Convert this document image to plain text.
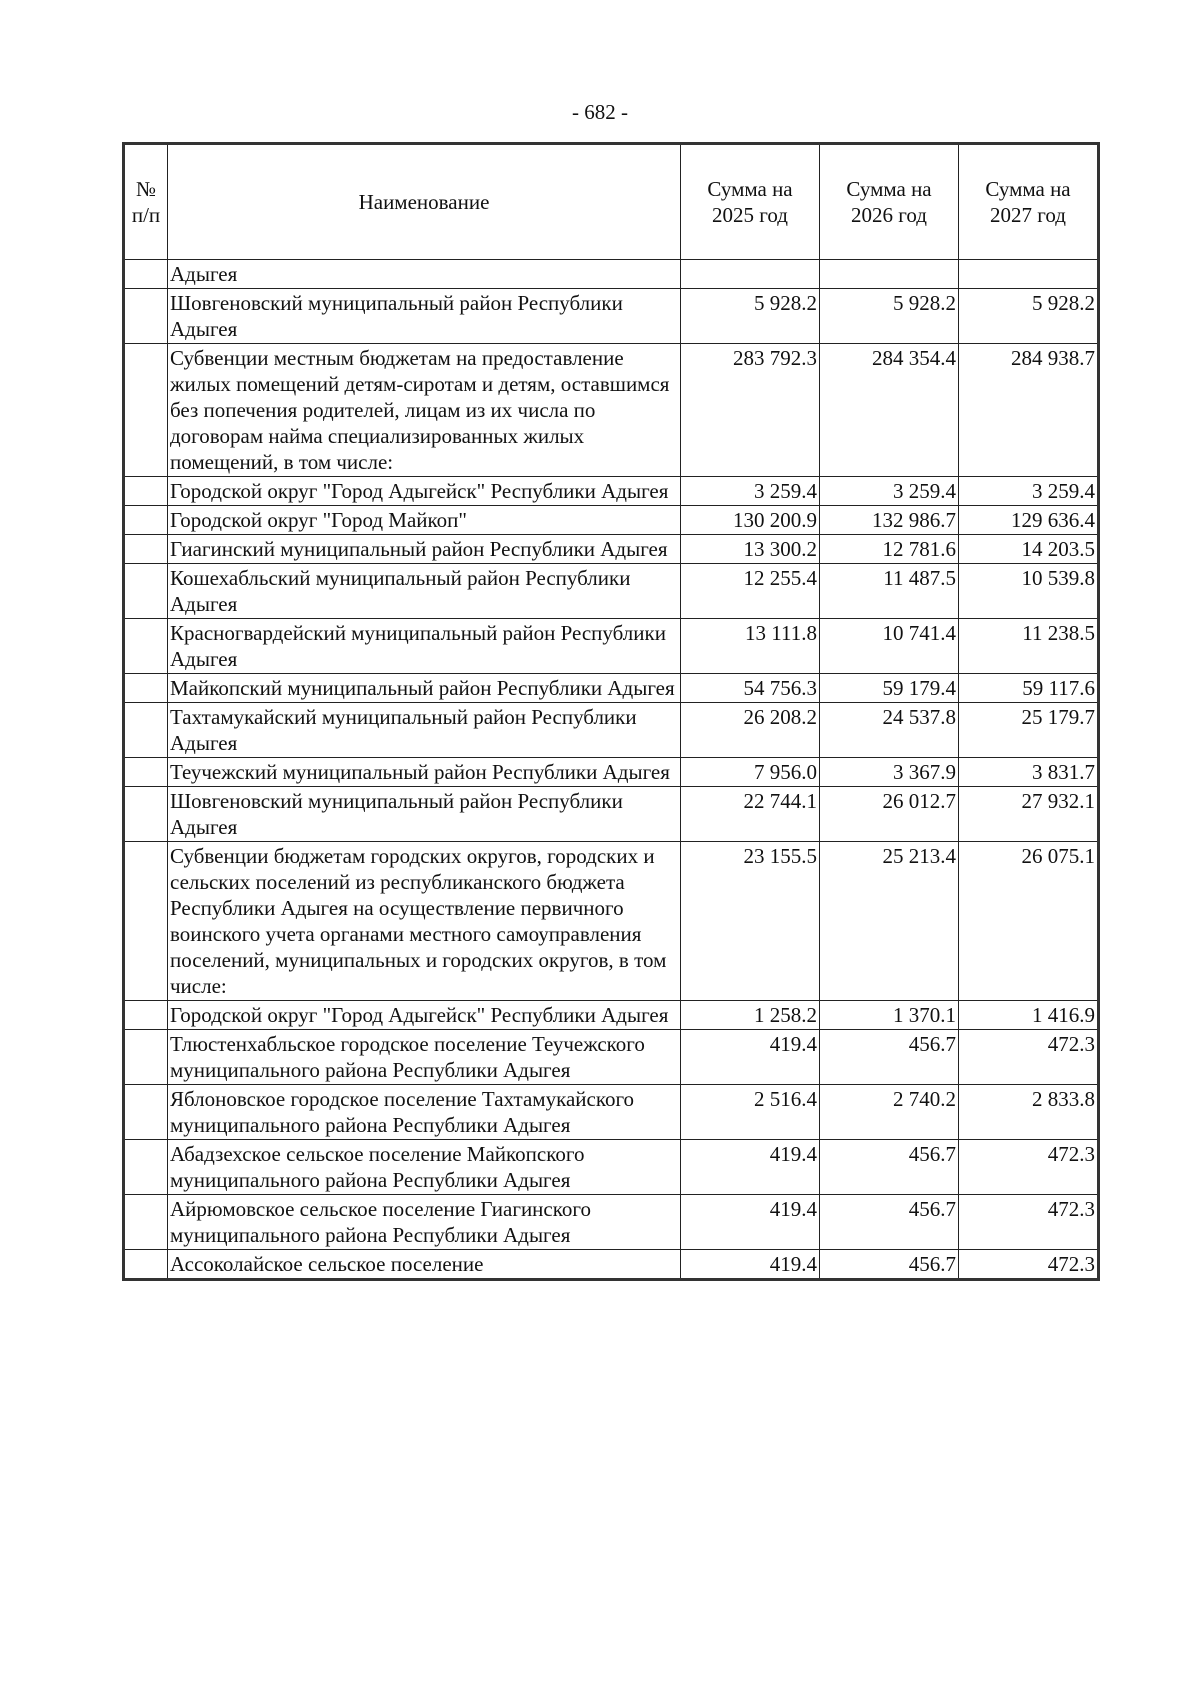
- 682 -
№ п/п	Наименование	Сумма на 2025 год	Сумма на 2026 год	Сумма на 2027 год
	Адыгея			
	Шовгеновский муниципальный район Республики Адыгея	5 928.2	5 928.2	5 928.2
	Субвенции местным бюджетам на предоставление жилых помещений детям-сиротам и детям, оставшимся без попечения родителей, лицам из их числа по договорам найма специализированных жилых помещений, в том числе:	283 792.3	284 354.4	284 938.7
	Городской округ "Город Адыгейск" Республики Адыгея	3 259.4	3 259.4	3 259.4
	Городской округ "Город Майкоп"	130 200.9	132 986.7	129 636.4
	Гиагинский муниципальный район Республики Адыгея	13 300.2	12 781.6	14 203.5
	Кошехабльский муниципальный район Республики Адыгея	12 255.4	11 487.5	10 539.8
	Красногвардейский муниципальный район Республики Адыгея	13 111.8	10 741.4	11 238.5
	Майкопский муниципальный район Республики Адыгея	54 756.3	59 179.4	59 117.6
	Тахтамукайский муниципальный район Республики Адыгея	26 208.2	24 537.8	25 179.7
	Теучежский муниципальный район Республики Адыгея	7 956.0	3 367.9	3 831.7
	Шовгеновский муниципальный район Республики Адыгея	22 744.1	26 012.7	27 932.1
	Субвенции бюджетам городских округов, городских и сельских поселений из республиканского бюджета Республики Адыгея на осуществление первичного воинского учета органами местного самоуправления поселений, муниципальных и городских округов, в том числе:	23 155.5	25 213.4	26 075.1
	Городской округ "Город Адыгейск" Республики Адыгея	1 258.2	1 370.1	1 416.9
	Тлюстенхабльское городское поселение Теучежского муниципального района Республики Адыгея	419.4	456.7	472.3
	Яблоновское городское поселение Тахтамукайского муниципального района Республики Адыгея	2 516.4	2 740.2	2 833.8
	Абадзехское сельское поселение Майкопского муниципального района Республики Адыгея	419.4	456.7	472.3
	Айрюмовское сельское поселение Гиагинского муниципального района Республики Адыгея	419.4	456.7	472.3
	Ассоколайское сельское поселение	419.4	456.7	472.3
